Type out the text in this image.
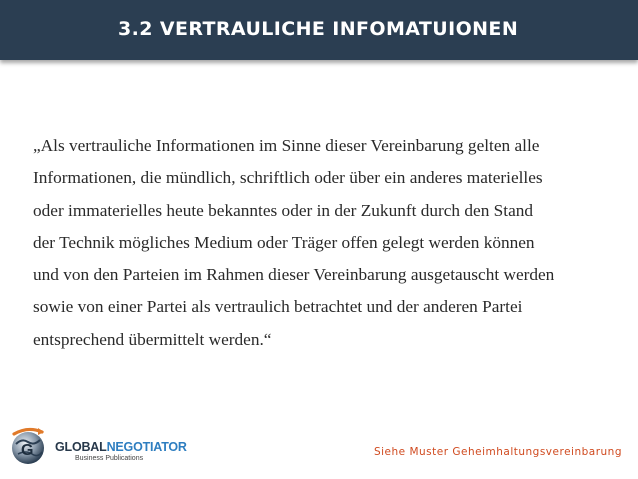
3.2 VERTRAULICHE INFOMATUIONEN

„Als vertrauliche Informationen im Sinne dieser Vereinbarung gelten alle
Informationen, die mündlich, schriftlich oder über ein anderes materielles
oder immaterielles heute bekanntes oder in der Zukunft durch den Stand
der Technik mögliches Medium oder Träger offen gelegt werden können
und von den Parteien im Rahmen dieser Vereinbarung ausgetauscht werden
sowie von einer Partei als vertraulich betrachtet und der anderen Partei
entsprechend übermittelt werden.“

G GLOBALNEGOTIATOR
Business Publications
Siehe Muster Geheimhaltungsvereinbarung
